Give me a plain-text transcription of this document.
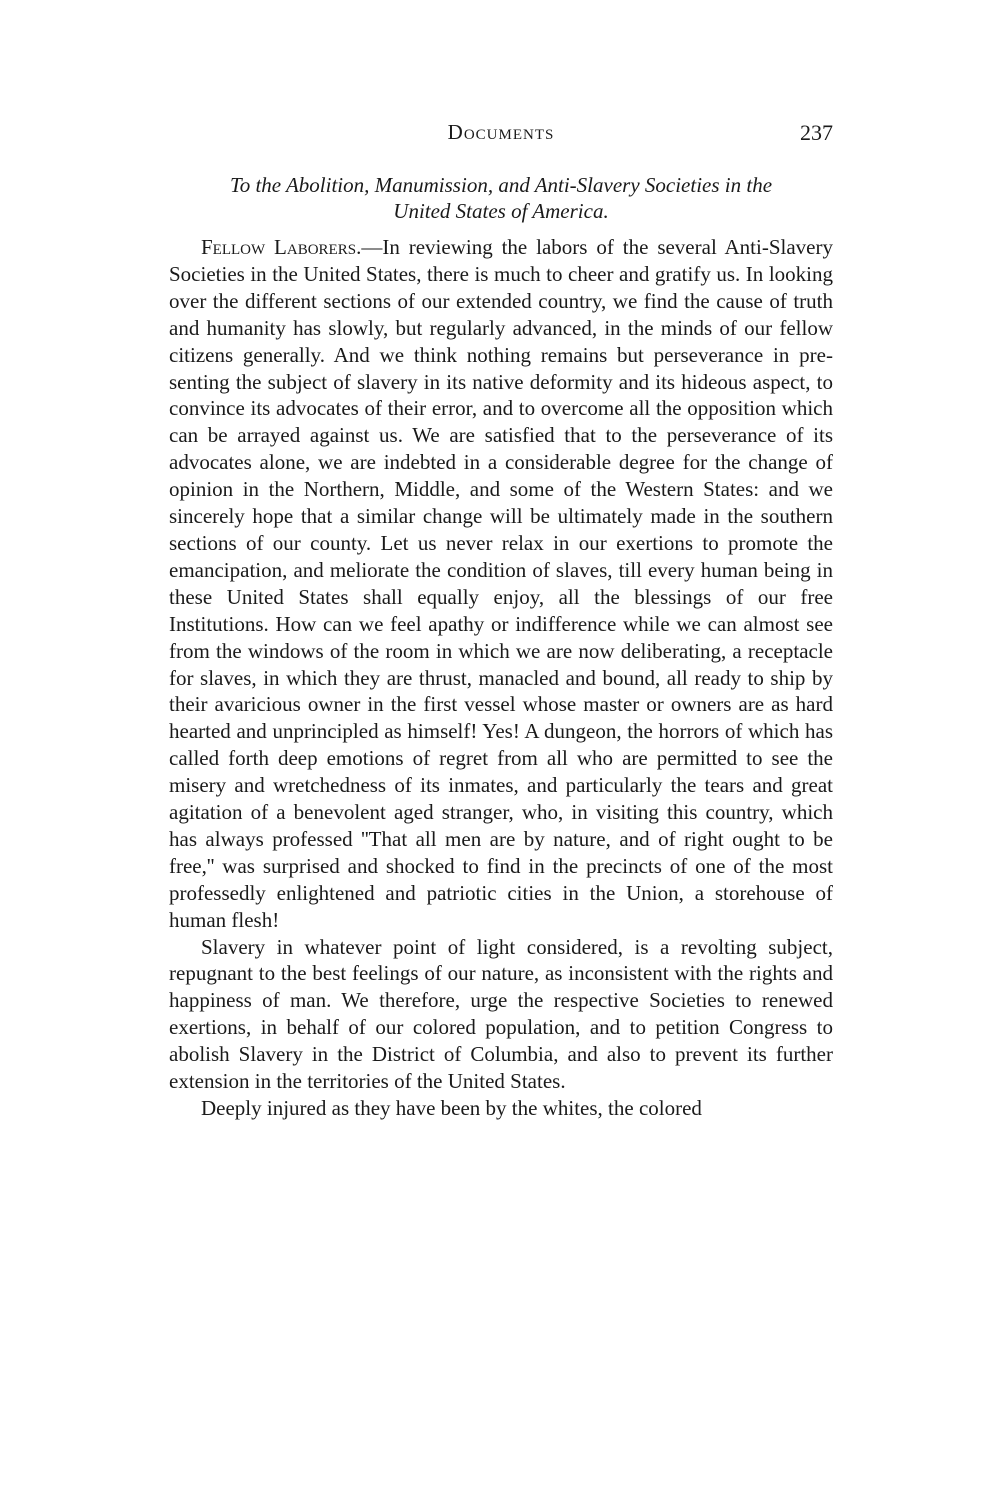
Documents	237
To the Abolition, Manumission, and Anti-Slavery Societies in the
United States of America.

Fellow Laborers.—In reviewing the labors of the several Anti-Slavery Societies in the United States, there is much to cheer and gratify us. In looking over the different sections of our extended country, we find the cause of truth and humanity has slowly, but regularly advanced, in the minds of our fellow citizens generally. And we think nothing remains but perseverance in presenting the subject of slavery in its native deformity and its hideous aspect, to convince its advocates of their error, and to overcome all the opposition which can be arrayed against us. We are satisfied that to the perseverance of its advocates alone, we are indebted in a considerable degree for the change of opinion in the Northern, Middle, and some of the Western States: and we sincerely hope that a similar change will be ultimately made in the southern sections of our county. Let us never relax in our exertions to promote the emancipation, and meliorate the condition of slaves, till every human being in these United States shall equally enjoy, all the blessings of our free Institutions. How can we feel apathy or indifference while we can almost see from the windows of the room in which we are now deliberating, a receptacle for slaves, in which they are thrust, manacled and bound, all ready to ship by their avaricious owner in the first vessel whose master or owners are as hard hearted and unprincipled as himself! Yes! A dungeon, the horrors of which has called forth deep emotions of regret from all who are permitted to see the misery and wretchedness of its inmates, and particularly the tears and great agitation of a benevolent aged stranger, who, in visiting this country, which has always professed ''That all men are by nature, and of right ought to be free,'' was surprised and shocked to find in the precincts of one of the most professedly enlightened and patriotic cities in the Union, a storehouse of human flesh!

Slavery in whatever point of light considered, is a revolting subject, repugnant to the best feelings of our nature, as inconsistent with the rights and happiness of man. We therefore, urge the respective Societies to renewed exertions, in behalf of our colored population, and to petition Congress to abolish Slavery in the District of Columbia, and also to prevent its further extension in the territories of the United States.

Deeply injured as they have been by the whites, the colored
